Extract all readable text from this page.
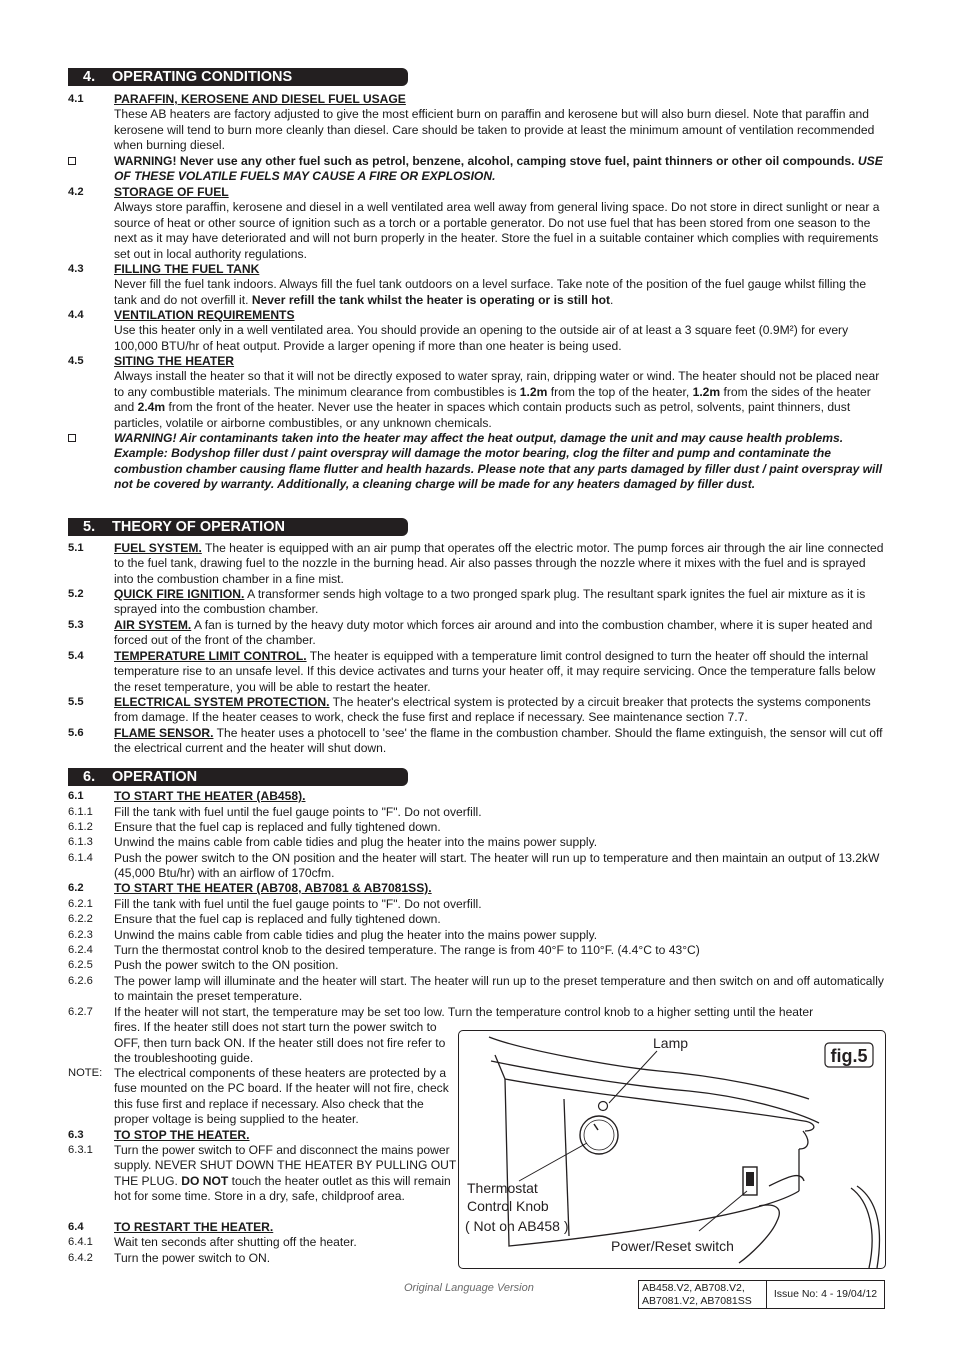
4. OPERATING CONDITIONS
4.1	PARAFFIN, KEROSENE AND DIESEL FUEL USAGE
These AB heaters are factory adjusted to give the most efficient burn on paraffin and kerosene but will also burn diesel. Note that paraffin and kerosene will tend to burn more cleanly than diesel. Care should be taken to provide at least the minimum amount of ventilation recommended when burning diesel.
WARNING! Never use any other fuel such as petrol, benzene, alcohol, camping stove fuel, paint thinners or other oil compounds. USE OF THESE VOLATILE FUELS MAY CAUSE A FIRE OR EXPLOSION.
4.2	STORAGE OF FUEL
Always store paraffin, kerosene and diesel in a well ventilated area well away from general living space. Do not store in direct sunlight or near a source of heat or other source of ignition such as a torch or a portable generator. Do not use fuel that has been stored from one season to the next as it may have deteriorated and will not burn properly in the heater. Store the fuel in a suitable container which complies with requirements set out in local authority regulations.
4.3	FILLING THE FUEL TANK
Never fill the fuel tank indoors. Always fill the fuel tank outdoors on a level surface. Take note of the position of the fuel gauge whilst filling the tank and do not overfill it. Never refill the tank whilst the heater is operating or is still hot.
4.4	VENTILATION REQUIREMENTS
Use this heater only in a well ventilated area. You should provide an opening to the outside air of at least a 3 square feet (0.9M²) for every 100,000 BTU/hr of heat output. Provide a larger opening if more than one heater is being used.
4.5	SITING THE HEATER
Always install the heater so that it will not be directly exposed to water spray, rain, dripping water or wind. The heater should not be placed near to any combustible materials. The minimum clearance from combustibles is 1.2m from the top of the heater, 1.2m from the sides of the heater and 2.4m from the front of the heater. Never use the heater in spaces which contain products such as petrol, solvents, paint thinners, dust particles, volatile or airborne combustibles, or any unknown chemicals.
WARNING! Air contaminants taken into the heater may affect the heat output, damage the unit and may cause health problems. Example: Bodyshop filler dust / paint overspray will damage the motor bearing, clog the filter and pump and contaminate the combustion chamber causing flame flutter and health hazards. Please note that any parts damaged by filler dust / paint overspray will not be covered by warranty. Additionally, a cleaning charge will be made for any heaters damaged by filler dust.
5. THEORY OF OPERATION
5.1	FUEL SYSTEM. The heater is equipped with an air pump that operates off the electric motor. The pump forces air through the air line connected to the fuel tank, drawing fuel to the nozzle in the burning head. Air also passes through the nozzle where it mixes with the fuel and is sprayed into the combustion chamber in a fine mist.
5.2	QUICK FIRE IGNITION. A transformer sends high voltage to a two pronged spark plug. The resultant spark ignites the fuel air mixture as it is sprayed into the combustion chamber.
5.3	AIR SYSTEM. A fan is turned by the heavy duty motor which forces air around and into the combustion chamber, where it is super heated and forced out of the front of the chamber.
5.4	TEMPERATURE LIMIT CONTROL. The heater is equipped with a temperature limit control designed to turn the heater off should the internal temperature rise to an unsafe level. If this device activates and turns your heater off, it may require servicing. Once the temperature falls below the reset temperature, you will be able to restart the heater.
5.5	ELECTRICAL SYSTEM PROTECTION. The heater's electrical system is protected by a circuit breaker that protects the systems components from damage. If the heater ceases to work, check the fuse first and replace if necessary. See maintenance section 7.7.
5.6	FLAME SENSOR. The heater uses a photocell to 'see' the flame in the combustion chamber. Should the flame extinguish, the sensor will cut off the electrical current and the heater will shut down.
6. OPERATION
6.1	TO START THE HEATER (AB458).
6.1.1 Fill the tank with fuel until the fuel gauge points to "F". Do not overfill.
6.1.2 Ensure that the fuel cap is replaced and fully tightened down.
6.1.3 Unwind the mains cable from cable tidies and plug the heater into the mains power supply.
6.1.4 Push the power switch to the ON position and the heater will start. The heater will run up to temperature and then maintain an output of 13.2kW (45,000 Btu/hr) with an airflow of 170cfm.
6.2	TO START THE HEATER (AB708, AB7081 & AB7081SS).
6.2.1 Fill the tank with fuel until the fuel gauge points to "F". Do not overfill.
6.2.2 Ensure that the fuel cap is replaced and fully tightened down.
6.2.3 Unwind the mains cable from cable tidies and plug the heater into the mains power supply.
6.2.4 Turn the thermostat control knob to the desired temperature. The range is from 40°F to 110°F. (4.4°C to 43°C)
6.2.5 Push the power switch to the ON position.
6.2.6 The power lamp will illuminate and the heater will start. The heater will run up to the preset temperature and then switch on and off automatically to maintain the preset temperature.
6.2.7 If the heater will not start, the temperature may be set too low. Turn the temperature control knob to a higher setting until the heater
fires. If the heater still does not start turn the power switch to OFF, then turn back ON. If the heater still does not fire refer to the troubleshooting guide.
NOTE: The electrical components of these heaters are protected by a fuse mounted on the PC board. If the heater will not fire, check this fuse first and replace if necessary. Also check that the proper voltage is being supplied to the heater.
6.3	TO STOP THE HEATER.
6.3.1 Turn the power switch to OFF and disconnect the mains power supply. NEVER SHUT DOWN THE HEATER BY PULLING OUT THE PLUG. DO NOT touch the heater outlet as this will remain hot for some time. Store in a dry, safe, childproof area.
6.4	TO RESTART THE HEATER.
6.4.1 Wait ten seconds after shutting off the heater.
6.4.2 Turn the power switch to ON.
fig.5
Lamp
Thermostat
Control Knob
( Not on AB458 )
Power/Reset switch
Original Language Version	AB458.V2, AB708.V2,
AB7081.V2, AB7081SS
Issue No: 4 - 19/04/12
